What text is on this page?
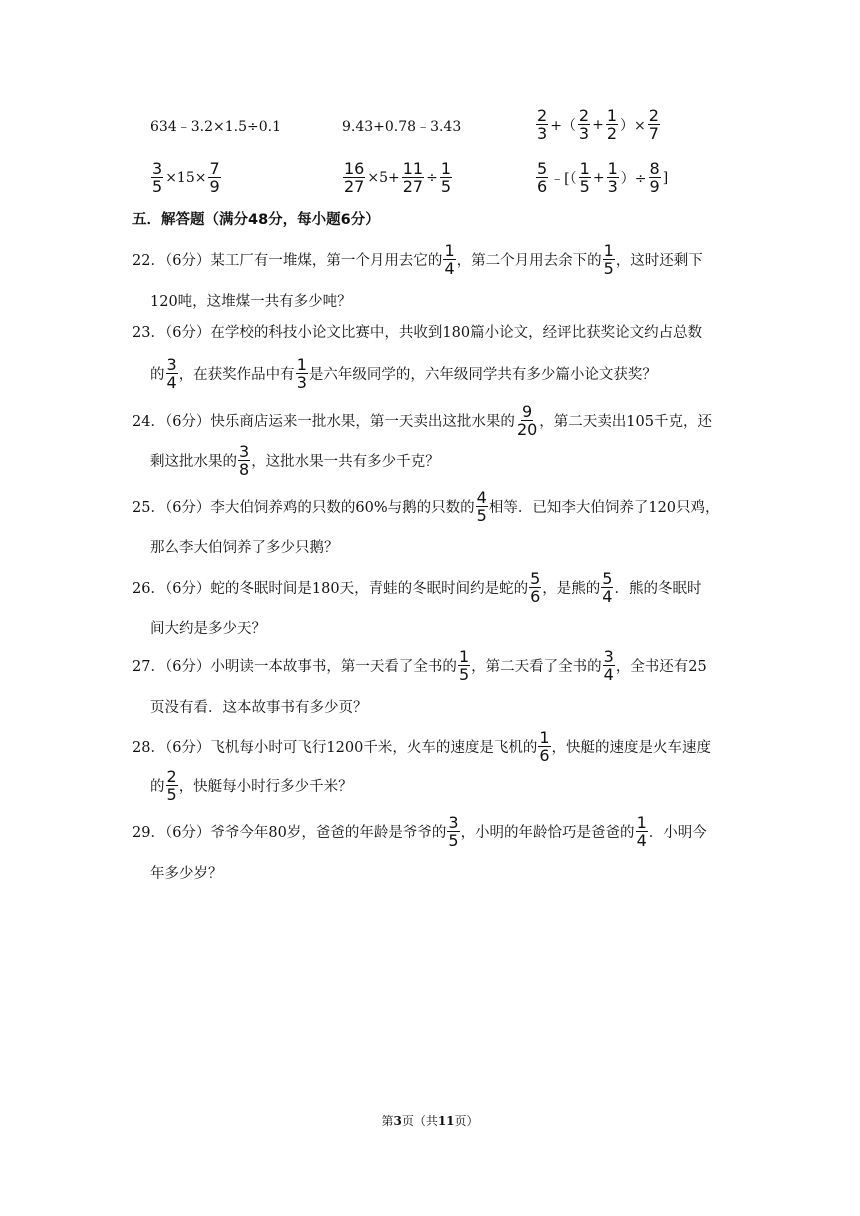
634﹣3.2×1.5÷0.1	9.43+0.78﹣3.43	$\frac{2}{3}$ +（ $\frac{2}{3} + \frac{1}{2}$ ）× $\frac{2}{7}$
$\frac{3}{5} \times 15\times \frac{7}{9}$	$\frac{16}{27} \times 5+ \frac{11}{27} \div \frac{1}{5}$	$\frac{5}{6}$ ﹣[（ $\frac{1}{5} + \frac{1}{3}$ ）÷ $\frac{8}{9}$ ]
五．解答题（满分48分，每小题6分）
22．（6分）某工厂有一堆煤，第一个月用去它的 $\frac{1}{4}$ ，第二个月用去余下的 $\frac{1}{5}$ ，这时还剩下
120吨，这堆煤一共有多少吨？
23．（6分）在学校的科技小论文比赛中，共收到180篇小论文，经评比获奖论文约占总数
的 $\frac{3}{4}$ ，在获奖作品中有 $\frac{1}{3}$ 是六年级同学的，六年级同学共有多少篇小论文获奖？
24．（6分）快乐商店运来一批水果，第一天卖出这批水果的 $\frac{9}{20}$ ，第二天卖出105千克，还
剩这批水果的 $\frac{3}{8}$ ，这批水果一共有多少千克？
25．（6分）李大伯饲养鸡的只数的60%与鹅的只数的 $\frac{4}{5}$ 相等．已知李大伯饲养了120只鸡，
那么李大伯饲养了多少只鹅？
26．（6分）蛇的冬眠时间是180天，青蛙的冬眠时间约是蛇的 $\frac{5}{6}$ ，是熊的 $\frac{5}{4}$ ．熊的冬眠时
间大约是多少天？
27．（6分）小明读一本故事书，第一天看了全书的 $\frac{1}{5}$ ，第二天看了全书的 $\frac{3}{4}$ ，全书还有25
页没有看．这本故事书有多少页？
28．（6分）飞机每小时可飞行1200千米，火车的速度是飞机的 $\frac{1}{6}$ ，快艇的速度是火车速度
的 $\frac{2}{5}$ ，快艇每小时行多少千米？
29．（6分）爷爷今年80岁，爸爸的年龄是爷爷的 $\frac{3}{5}$ ，小明的年龄恰巧是爸爸的 $\frac{1}{4}$ ．小明今
年多少岁？
第3页（共11页）
